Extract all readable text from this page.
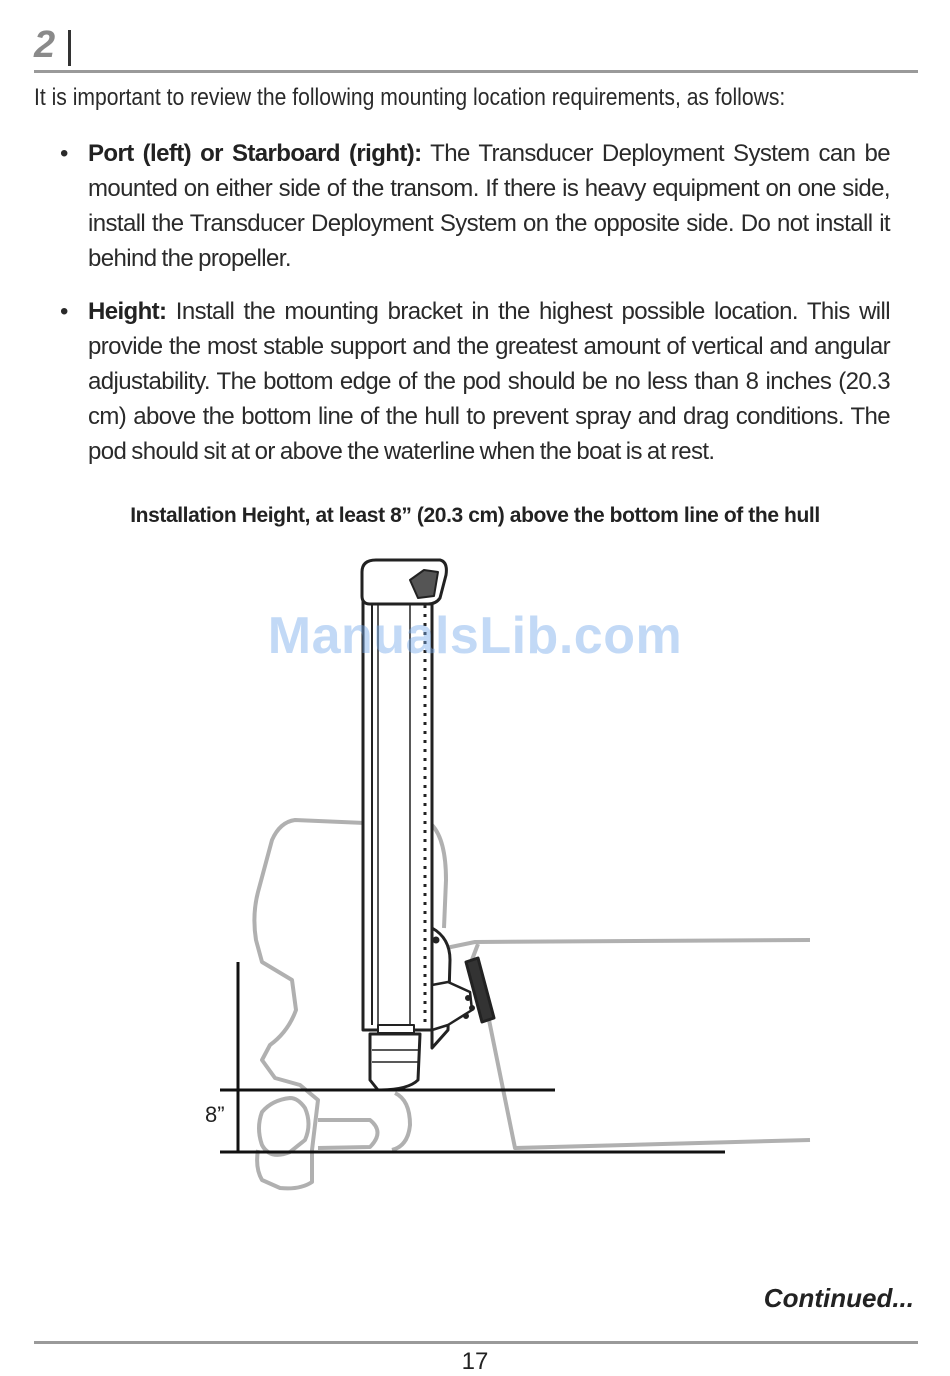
2
It is important to review the following mounting location requirements, as follows:
• Port (left) or Starboard (right): The Transducer Deployment System can be mounted on either side of the transom. If there is heavy equipment on one side, install the Transducer Deployment System on the opposite side. Do not install it behind the propeller.
• Height: Install the mounting bracket in the highest possible location. This will provide the most stable support and the greatest amount of vertical and angular adjustability. The bottom edge of the pod should be no less than 8 inches (20.3 cm) above the bottom line of the hull to prevent spray and drag conditions. The pod should sit at or above the waterline when the boat is at rest.
Installation Height, at least 8” (20.3 cm) above the bottom line of the hull
ManualsLib.com
8”
Continued...
17
